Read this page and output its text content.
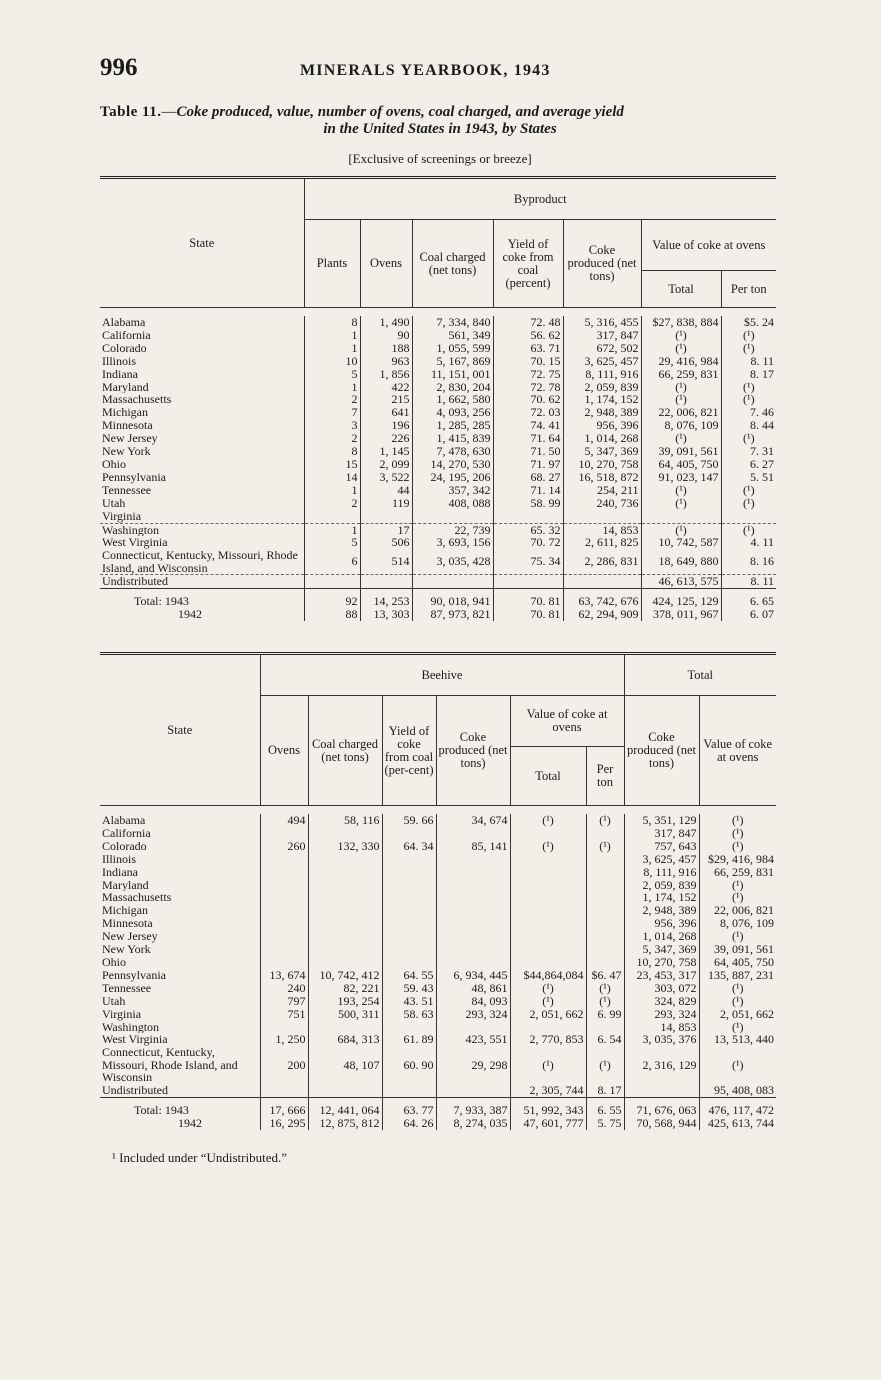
996	MINERALS YEARBOOK, 1943
Table 11.—Coke produced, value, number of ovens, coal charged, and average yield
in the United States in 1943, by States
[Exclusive of screenings or breeze]
State	Byproduct						
	Plants	Ovens	Coal charged (net tons)	Yield of coke from coal (percent)	Coke produced (net tons)	Value of coke at ovens	
						Total	Per ton

Alabama	8	1, 490	7, 334, 840	72. 48	5, 316, 455	$27, 838, 884	$5. 24
California	1	90	561, 349	56. 62	317, 847	(¹)	(¹)
Colorado	1	188	1, 055, 599	63. 71	672, 502	(¹)	(¹)
Illinois	10	963	5, 167, 869	70. 15	3, 625, 457	29, 416, 984	8. 11
Indiana	5	1, 856	11, 151, 001	72. 75	8, 111, 916	66, 259, 831	8. 17
Maryland	1	422	2, 830, 204	72. 78	2, 059, 839	(¹)	(¹)
Massachusetts	2	215	1, 662, 580	70. 62	1, 174, 152	(¹)	(¹)
Michigan	7	641	4, 093, 256	72. 03	2, 948, 389	22, 006, 821	7. 46
Minnesota	3	196	1, 285, 285	74. 41	956, 396	8, 076, 109	8. 44
New Jersey	2	226	1, 415, 839	71. 64	1, 014, 268	(¹)	(¹)
New York	8	1, 145	7, 478, 630	71. 50	5, 347, 369	39, 091, 561	7. 31
Ohio	15	2, 099	14, 270, 530	71. 97	10, 270, 758	64, 405, 750	6. 27
Pennsylvania	14	3, 522	24, 195, 206	68. 27	16, 518, 872	91, 023, 147	5. 51
Tennessee	1	44	357, 342	71. 14	254, 211	(¹)	(¹)
Utah	2	119	408, 088	58. 99	240, 736	(¹)	(¹)
Virginia							
Washington	1	17	22, 739	65. 32	14, 853	(¹)	(¹)
West Virginia	5	506	3, 693, 156	70. 72	2, 611, 825	10, 742, 587	4. 11
Connecticut, Kentucky, Missouri, Rhode Island, and Wisconsin	6	514	3, 035, 428	75. 34	2, 286, 831	18, 649, 880	8. 16
Undistributed						46, 613, 575	8. 11
Total: 1943	92	14, 253	90, 018, 941	70. 81	63, 742, 676	424, 125, 129	6. 65
1942	88	13, 303	87, 973, 821	70. 81	62, 294, 909	378, 011, 967	6. 07
State	Beehive						Total	
	Ovens	Coal charged (net tons)	Yield of coke from coal (per-cent)	Coke produced (net tons)	Value of coke at ovens		Coke produced (net tons)	Value of coke at ovens
					Total	Per ton		

Alabama	494	58, 116	59. 66	34, 674	(¹)	(¹)	5, 351, 129	(¹)
California							317, 847	(¹)
Colorado	260	132, 330	64. 34	85, 141	(¹)	(¹)	757, 643	(¹)
Illinois							3, 625, 457	$29, 416, 984
Indiana							8, 111, 916	66, 259, 831
Maryland							2, 059, 839	(¹)
Massachusetts							1, 174, 152	(¹)
Michigan							2, 948, 389	22, 006, 821
Minnesota							956, 396	8, 076, 109
New Jersey							1, 014, 268	(¹)
New York							5, 347, 369	39, 091, 561
Ohio							10, 270, 758	64, 405, 750
Pennsylvania	13, 674	10, 742, 412	64. 55	6, 934, 445	$44,864,084	$6. 47	23, 453, 317	135, 887, 231
Tennessee	240	82, 221	59. 43	48, 861	(¹)	(¹)	303, 072	(¹)
Utah	797	193, 254	43. 51	84, 093	(¹)	(¹)	324, 829	(¹)
Virginia	751	500, 311	58. 63	293, 324	2, 051, 662	6. 99	293, 324	2, 051, 662
Washington							14, 853	(¹)
West Virginia	1, 250	684, 313	61. 89	423, 551	2, 770, 853	6. 54	3, 035, 376	13, 513, 440
Connecticut, Kentucky, Missouri, Rhode Island, and Wisconsin	200	48, 107	60. 90	29, 298	(¹)	(¹)	2, 316, 129	(¹)
Undistributed					2, 305, 744	8. 17		95, 408, 083
Total: 1943	17, 666	12, 441, 064	63. 77	7, 933, 387	51, 992, 343	6. 55	71, 676, 063	476, 117, 472
1942	16, 295	12, 875, 812	64. 26	8, 274, 035	47, 601, 777	5. 75	70, 568, 944	425, 613, 744
¹ Included under “Undistributed.”
